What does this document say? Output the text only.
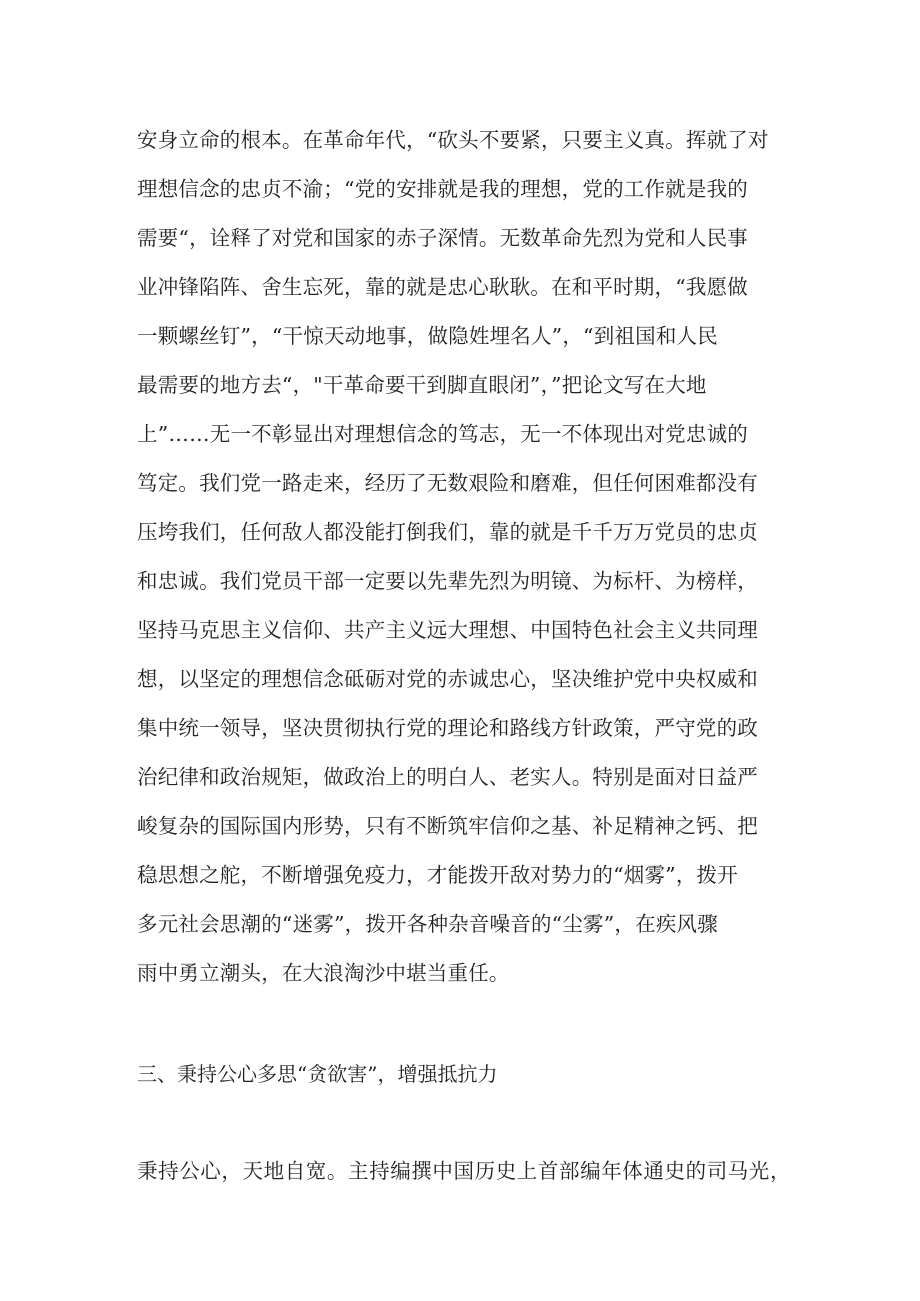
安身立命的根本。在革命年代，“砍头不要紧，只要主义真。挥就了对
理想信念的忠贞不渝；“党的安排就是我的理想，党的工作就是我的
需要“，诠释了对党和国家的赤子深情。无数革命先烈为党和人民事
业冲锋陷阵、舍生忘死，靠的就是忠心耿耿。在和平时期，“我愿做
一颗螺丝钉”，“干惊天动地事，做隐姓埋名人”，“到祖国和人民
最需要的地方去“，"干革命要干到脚直眼闭”，”把论文写在大地
上”……无一不彰显出对理想信念的笃志，无一不体现出对党忠诚的
笃定。我们党一路走来，经历了无数艰险和磨难，但任何困难都没有
压垮我们，任何敌人都没能打倒我们，靠的就是千千万万党员的忠贞
和忠诚。我们党员干部一定要以先辈先烈为明镜、为标杆、为榜样，
坚持马克思主义信仰、共产主义远大理想、中国特色社会主义共同理
想，以坚定的理想信念砥砺对党的赤诚忠心，坚决维护党中央权威和
集中统一领导，坚决贯彻执行党的理论和路线方针政策，严守党的政
治纪律和政治规矩，做政治上的明白人、老实人。特别是面对日益严
峻复杂的国际国内形势，只有不断筑牢信仰之基、补足精神之钙、把
稳思想之舵，不断增强免疫力，才能拨开敌对势力的“烟雾”，拨开
多元社会思潮的“迷雾”，拨开各种杂音噪音的“尘雾”，在疾风骤
雨中勇立潮头，在大浪淘沙中堪当重任。
三、秉持公心多思“贪欲害”，增强抵抗力
秉持公心，天地自宽。主持编撰中国历史上首部编年体通史的司马光，
